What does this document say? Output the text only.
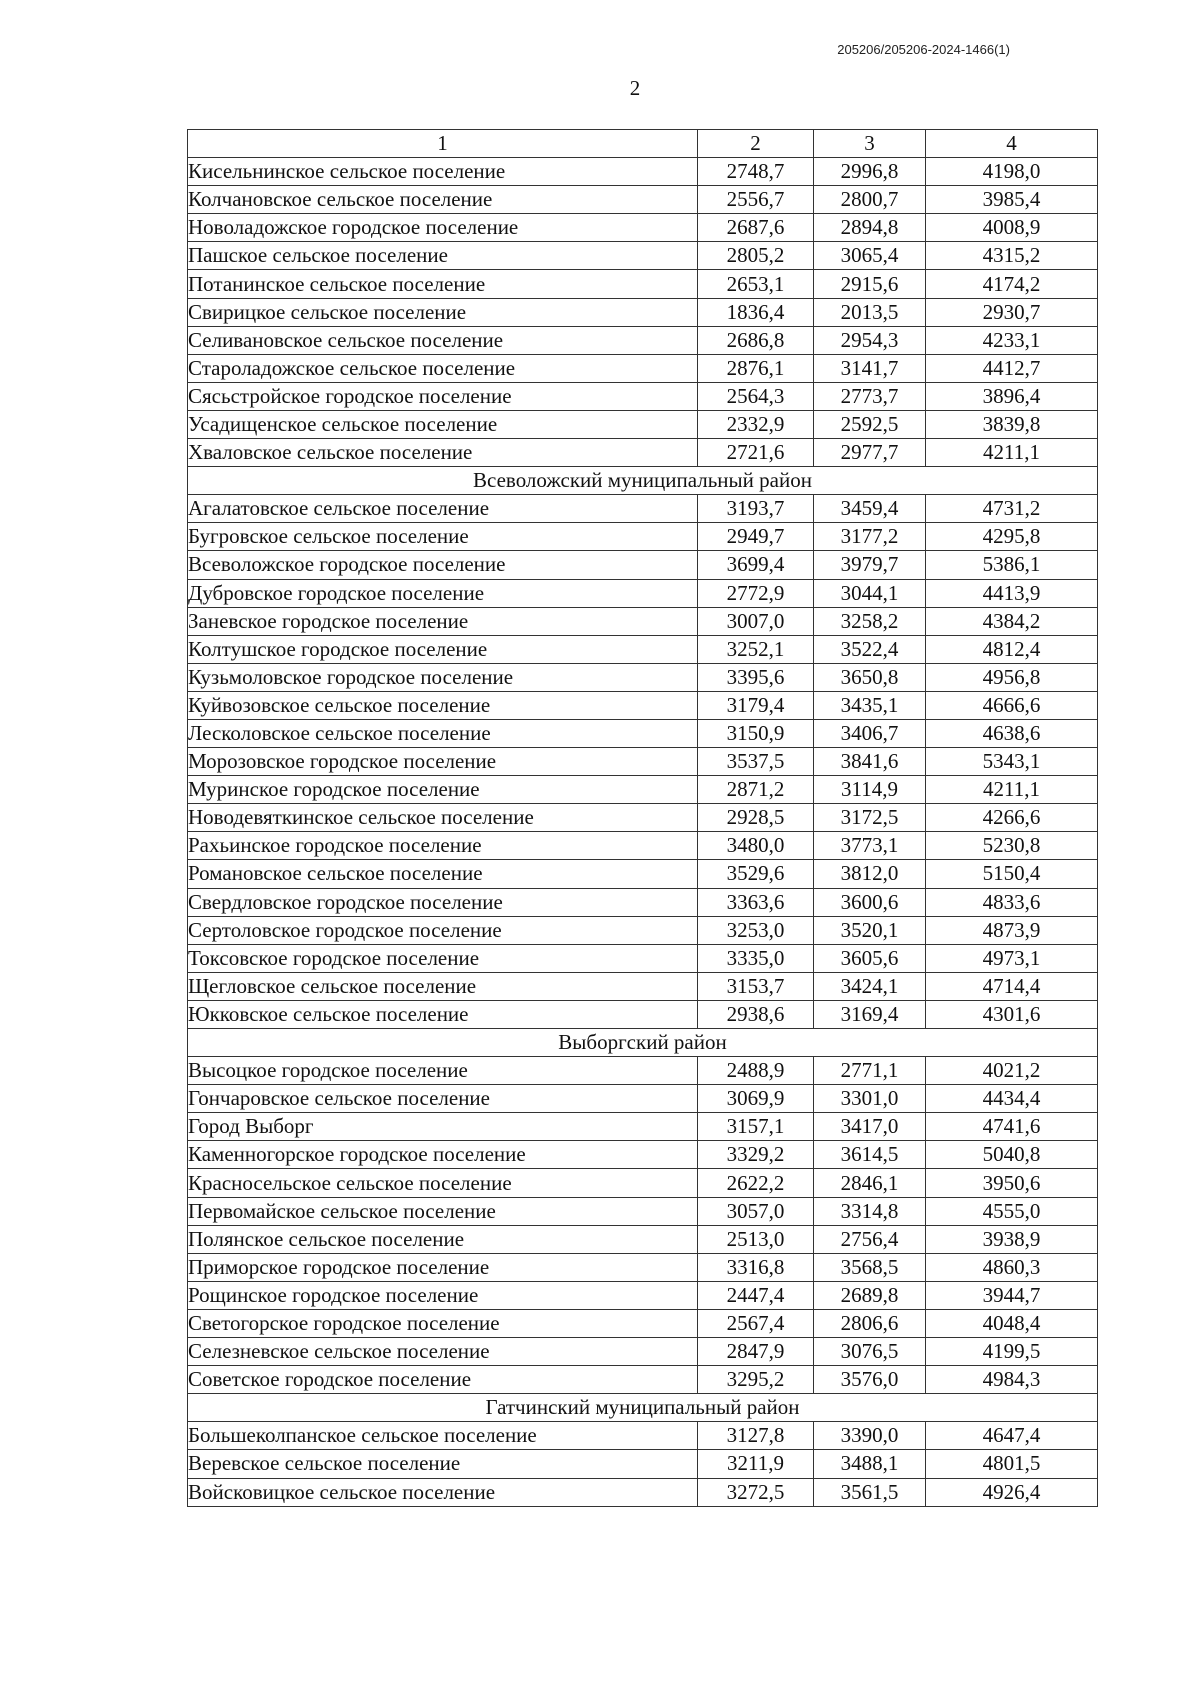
205206/205206-2024-1466(1)
2
1	2	3	4
Кисельнинское сельское поселение	2748,7	2996,8	4198,0
Колчановское сельское поселение	2556,7	2800,7	3985,4
Новоладожское городское поселение	2687,6	2894,8	4008,9
Пашское сельское поселение	2805,2	3065,4	4315,2
Потанинское сельское поселение	2653,1	2915,6	4174,2
Свирицкое сельское поселение	1836,4	2013,5	2930,7
Селивановское сельское поселение	2686,8	2954,3	4233,1
Староладожское сельское поселение	2876,1	3141,7	4412,7
Сясьстройское городское поселение	2564,3	2773,7	3896,4
Усадищенское сельское поселение	2332,9	2592,5	3839,8
Хваловское сельское поселение	2721,6	2977,7	4211,1
Всеволожский муниципальный район			
Агалатовское сельское поселение	3193,7	3459,4	4731,2
Бугровское сельское поселение	2949,7	3177,2	4295,8
Всеволожское городское поселение	3699,4	3979,7	5386,1
Дубровское городское поселение	2772,9	3044,1	4413,9
Заневское городское поселение	3007,0	3258,2	4384,2
Колтушское городское поселение	3252,1	3522,4	4812,4
Кузьмоловское городское поселение	3395,6	3650,8	4956,8
Куйвозовское сельское поселение	3179,4	3435,1	4666,6
Лесколовское сельское поселение	3150,9	3406,7	4638,6
Морозовское городское поселение	3537,5	3841,6	5343,1
Муринское городское поселение	2871,2	3114,9	4211,1
Новодевяткинское сельское поселение	2928,5	3172,5	4266,6
Рахьинское городское поселение	3480,0	3773,1	5230,8
Романовское сельское поселение	3529,6	3812,0	5150,4
Свердловское городское поселение	3363,6	3600,6	4833,6
Сертоловское городское поселение	3253,0	3520,1	4873,9
Токсовское городское поселение	3335,0	3605,6	4973,1
Щегловское сельское поселение	3153,7	3424,1	4714,4
Юкковское сельское поселение	2938,6	3169,4	4301,6
Выборгский район			
Высоцкое городское поселение	2488,9	2771,1	4021,2
Гончаровское сельское поселение	3069,9	3301,0	4434,4
Город Выборг	3157,1	3417,0	4741,6
Каменногорское городское поселение	3329,2	3614,5	5040,8
Красносельское сельское поселение	2622,2	2846,1	3950,6
Первомайское сельское поселение	3057,0	3314,8	4555,0
Полянское сельское поселение	2513,0	2756,4	3938,9
Приморское городское поселение	3316,8	3568,5	4860,3
Рощинское городское поселение	2447,4	2689,8	3944,7
Светогорское городское поселение	2567,4	2806,6	4048,4
Селезневское сельское поселение	2847,9	3076,5	4199,5
Советское городское поселение	3295,2	3576,0	4984,3
Гатчинский муниципальный район			
Большеколпанское сельское поселение	3127,8	3390,0	4647,4
Веревское сельское поселение	3211,9	3488,1	4801,5
Войсковицкое сельское поселение	3272,5	3561,5	4926,4
